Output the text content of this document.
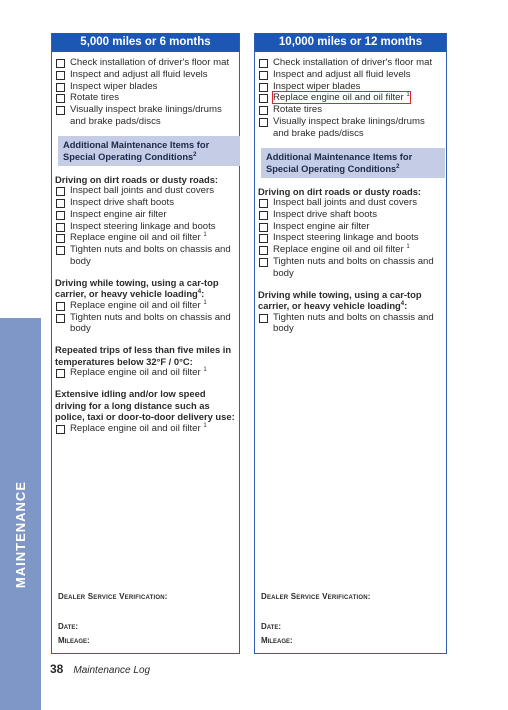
MAINTENANCE
5,000 miles or 6 months
Check installation of driver's floor mat
Inspect and adjust all fluid levels
Inspect wiper blades
Rotate tires
Visually inspect brake linings/drums and brake pads/discs
Additional Maintenance Items for Special Operating Conditions$^2$
Driving on dirt roads or dusty roads:
Inspect ball joints and dust covers
Inspect drive shaft boots
Inspect engine air filter
Inspect steering linkage and boots
Replace engine oil and oil filter $^1$
Tighten nuts and bolts on chassis and body
Driving while towing, using a car-top carrier, or heavy vehicle loading$^4$:
Replace engine oil and oil filter $^1$
Tighten nuts and bolts on chassis and body
Repeated trips of less than five miles in temperatures below 32°F / 0°C:
Replace engine oil and oil filter $^1$
Extensive idling and/or low speed driving for a long distance such as police, taxi or door-to-door delivery use:
Replace engine oil and oil filter $^1$
Dealer Service Verification:
Date:
Mileage:
10,000 miles or 12 months
Check installation of driver's floor mat
Inspect and adjust all fluid levels
Inspect wiper blades
Replace engine oil and oil filter $^1$
Rotate tires
Visually inspect brake linings/drums and brake pads/discs
Additional Maintenance Items for Special Operating Conditions$^2$
Driving on dirt roads or dusty roads:
Inspect ball joints and dust covers
Inspect drive shaft boots
Inspect engine air filter
Inspect steering linkage and boots
Replace engine oil and oil filter $^1$
Tighten nuts and bolts on chassis and body
Driving while towing, using a car-top carrier, or heavy vehicle loading$^4$:
Tighten nuts and bolts on chassis and body
Dealer Service Verification:
Date:
Mileage:
38 Maintenance Log
